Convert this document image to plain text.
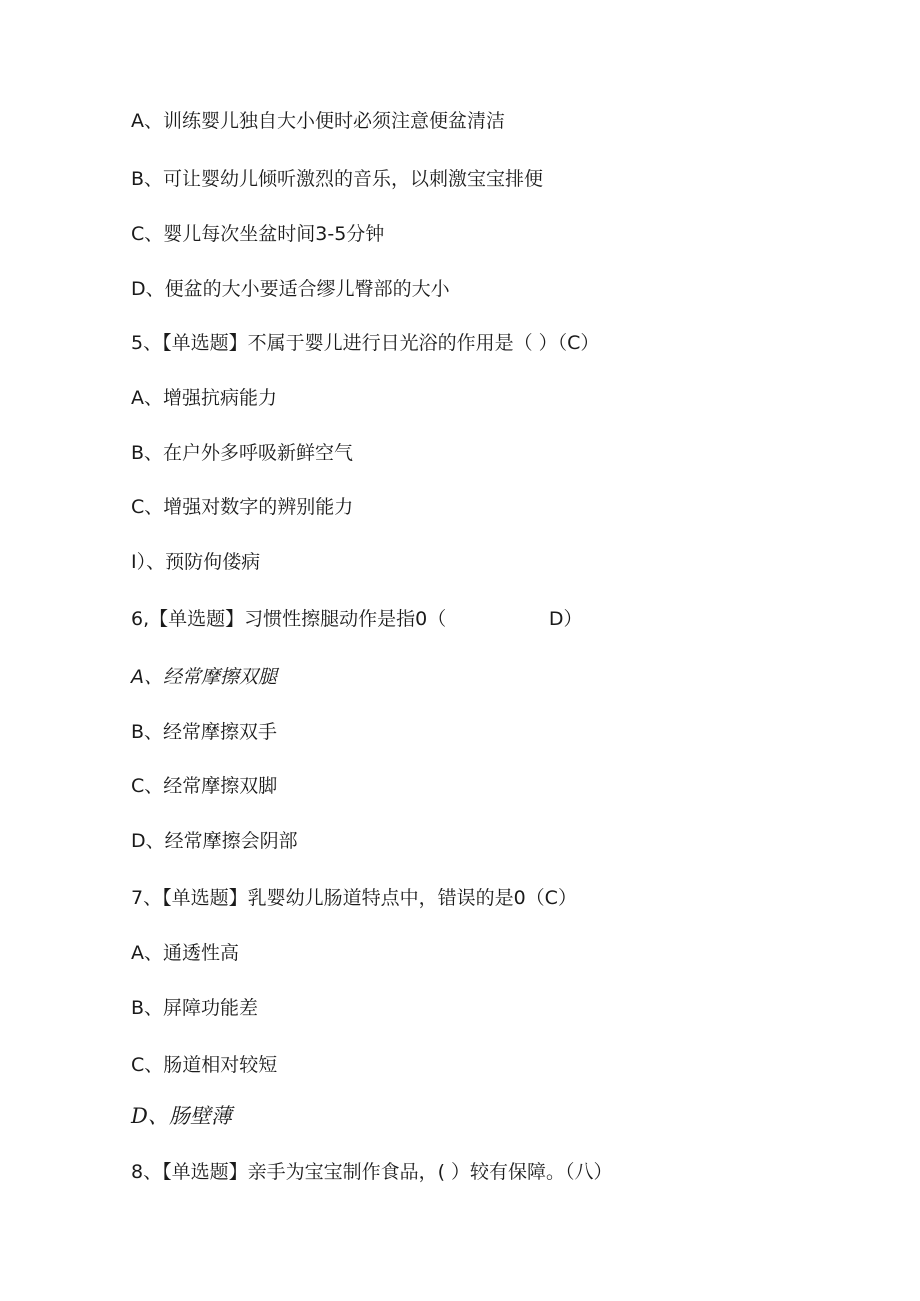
A、训练婴儿独自大小便时必须注意便盆清洁
B、可让婴幼儿倾听激烈的音乐，以刺激宝宝排便
C、婴儿每次坐盆时间3-5分钟
D、便盆的大小要适合缪儿臀部的大小
5、【单选题】不属于婴儿进行日光浴的作用是（ ）（C）
A、增强抗病能力
B、在户外多呼吸新鲜空气
C、增强对数字的辨别能力
I）、预防佝偻病
6,【单选题】习惯性擦腿动作是指0（                 D）
A、经常摩擦双腿
B、经常摩擦双手
C、经常摩擦双脚
D、经常摩擦会阴部
7、【单选题】乳婴幼儿肠道特点中，错误的是0（C）
A、通透性高
B、屏障功能差
C、肠道相对较短
D、肠壁薄
8、【单选题】亲手为宝宝制作食品，( ）较有保障。（八）
